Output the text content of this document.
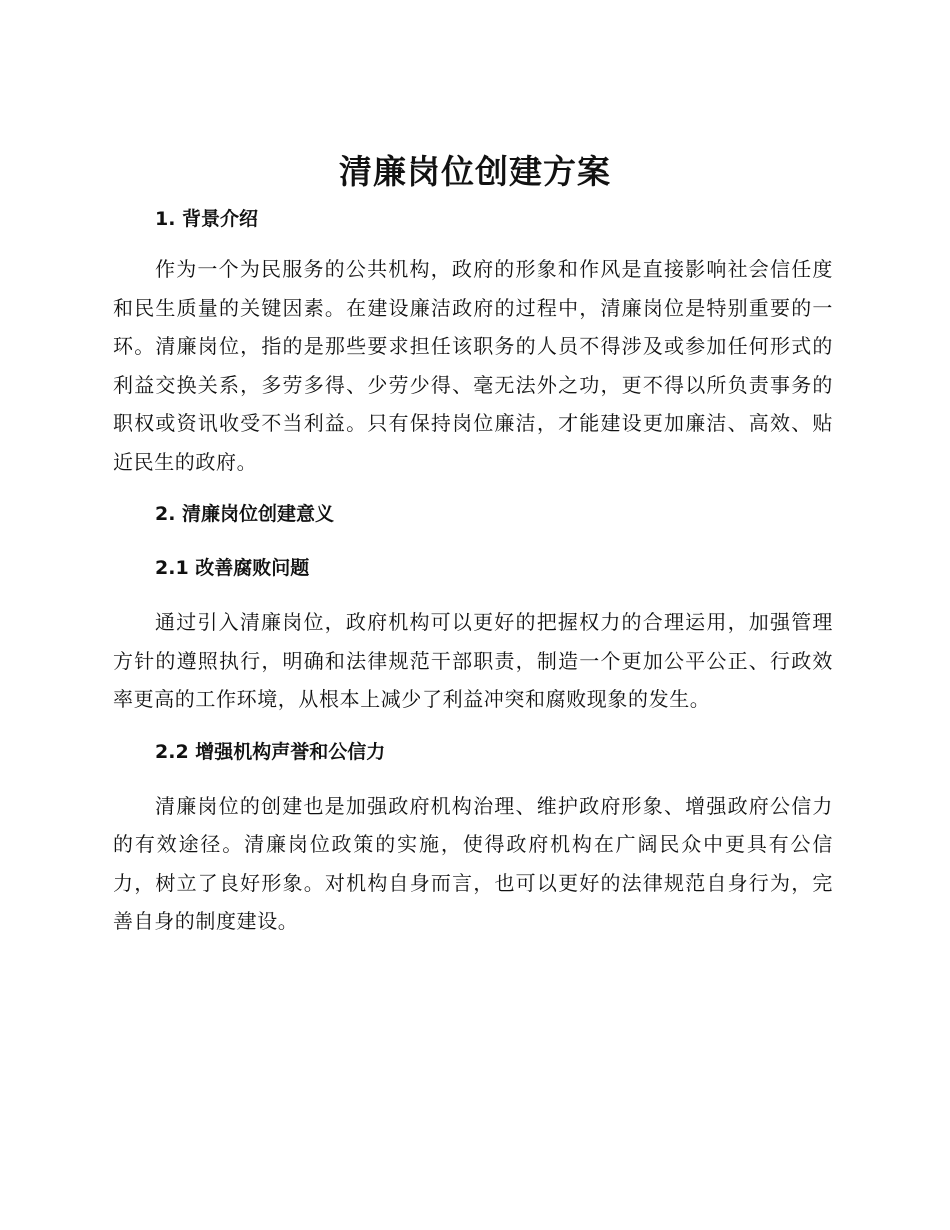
清廉岗位创建方案
1. 背景介绍

作为一个为民服务的公共机构，政府的形象和作风是直接影响社会信任度和民生质量的关键因素。在建设廉洁政府的过程中，清廉岗位是特别重要的一环。清廉岗位，指的是那些要求担任该职务的人员不得涉及或参加任何形式的利益交换关系，多劳多得、少劳少得、毫无法外之功，更不得以所负责事务的职权或资讯收受不当利益。只有保持岗位廉洁，才能建设更加廉洁、高效、贴近民生的政府。

2. 清廉岗位创建意义
2.1 改善腐败问题

通过引入清廉岗位，政府机构可以更好的把握权力的合理运用，加强管理方针的遵照执行，明确和法律规范干部职责，制造一个更加公平公正、行政效率更高的工作环境，从根本上减少了利益冲突和腐败现象的发生。

2.2 增强机构声誉和公信力

清廉岗位的创建也是加强政府机构治理、维护政府形象、增强政府公信力的有效途径。清廉岗位政策的实施，使得政府机构在广阔民众中更具有公信力，树立了良好形象。对机构自身而言，也可以更好的法律规范自身行为，完善自身的制度建设。
